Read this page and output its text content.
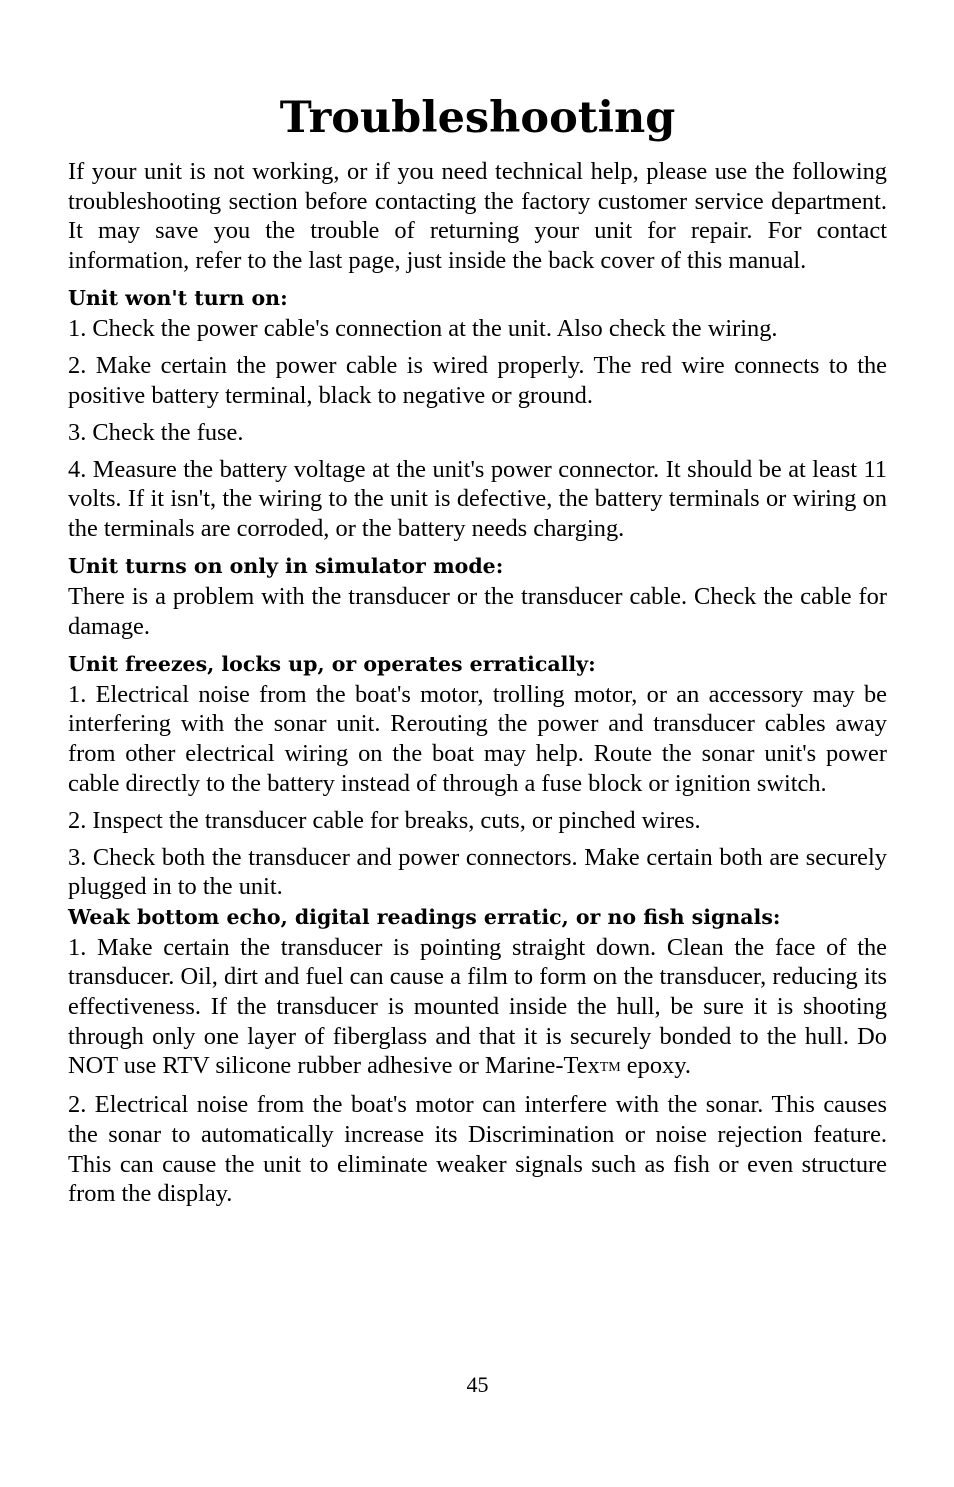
Troubleshooting

If your unit is not working, or if you need technical help, please use the following troubleshooting section before contacting the factory customer service department. It may save you the trouble of returning your unit for repair. For contact information, refer to the last page, just inside the back cover of this manual.

Unit won't turn on:

1. Check the power cable's connection at the unit. Also check the wiring.

2. Make certain the power cable is wired properly. The red wire connects to the positive battery terminal, black to negative or ground.

3. Check the fuse.

4. Measure the battery voltage at the unit's power connector. It should be at least 11 volts. If it isn't, the wiring to the unit is defective, the battery terminals or wiring on the terminals are corroded, or the battery needs charging.

Unit turns on only in simulator mode:

There is a problem with the transducer or the transducer cable. Check the cable for damage.

Unit freezes, locks up, or operates erratically:

1. Electrical noise from the boat's motor, trolling motor, or an accessory may be interfering with the sonar unit. Rerouting the power and transducer cables away from other electrical wiring on the boat may help. Route the sonar unit's power cable directly to the battery instead of through a fuse block or ignition switch.

2. Inspect the transducer cable for breaks, cuts, or pinched wires.

3. Check both the transducer and power connectors. Make certain both are securely plugged in to the unit.

Weak bottom echo, digital readings erratic, or no fish signals:

1. Make certain the transducer is pointing straight down. Clean the face of the transducer. Oil, dirt and fuel can cause a film to form on the transducer, reducing its effectiveness. If the transducer is mounted inside the hull, be sure it is shooting through only one layer of fiberglass and that it is securely bonded to the hull. Do NOT use RTV silicone rubber adhesive or Marine-TexTM epoxy.

2. Electrical noise from the boat's motor can interfere with the sonar. This causes the sonar to automatically increase its Discrimination or noise rejection feature. This can cause the unit to eliminate weaker signals such as fish or even structure from the display.

45
